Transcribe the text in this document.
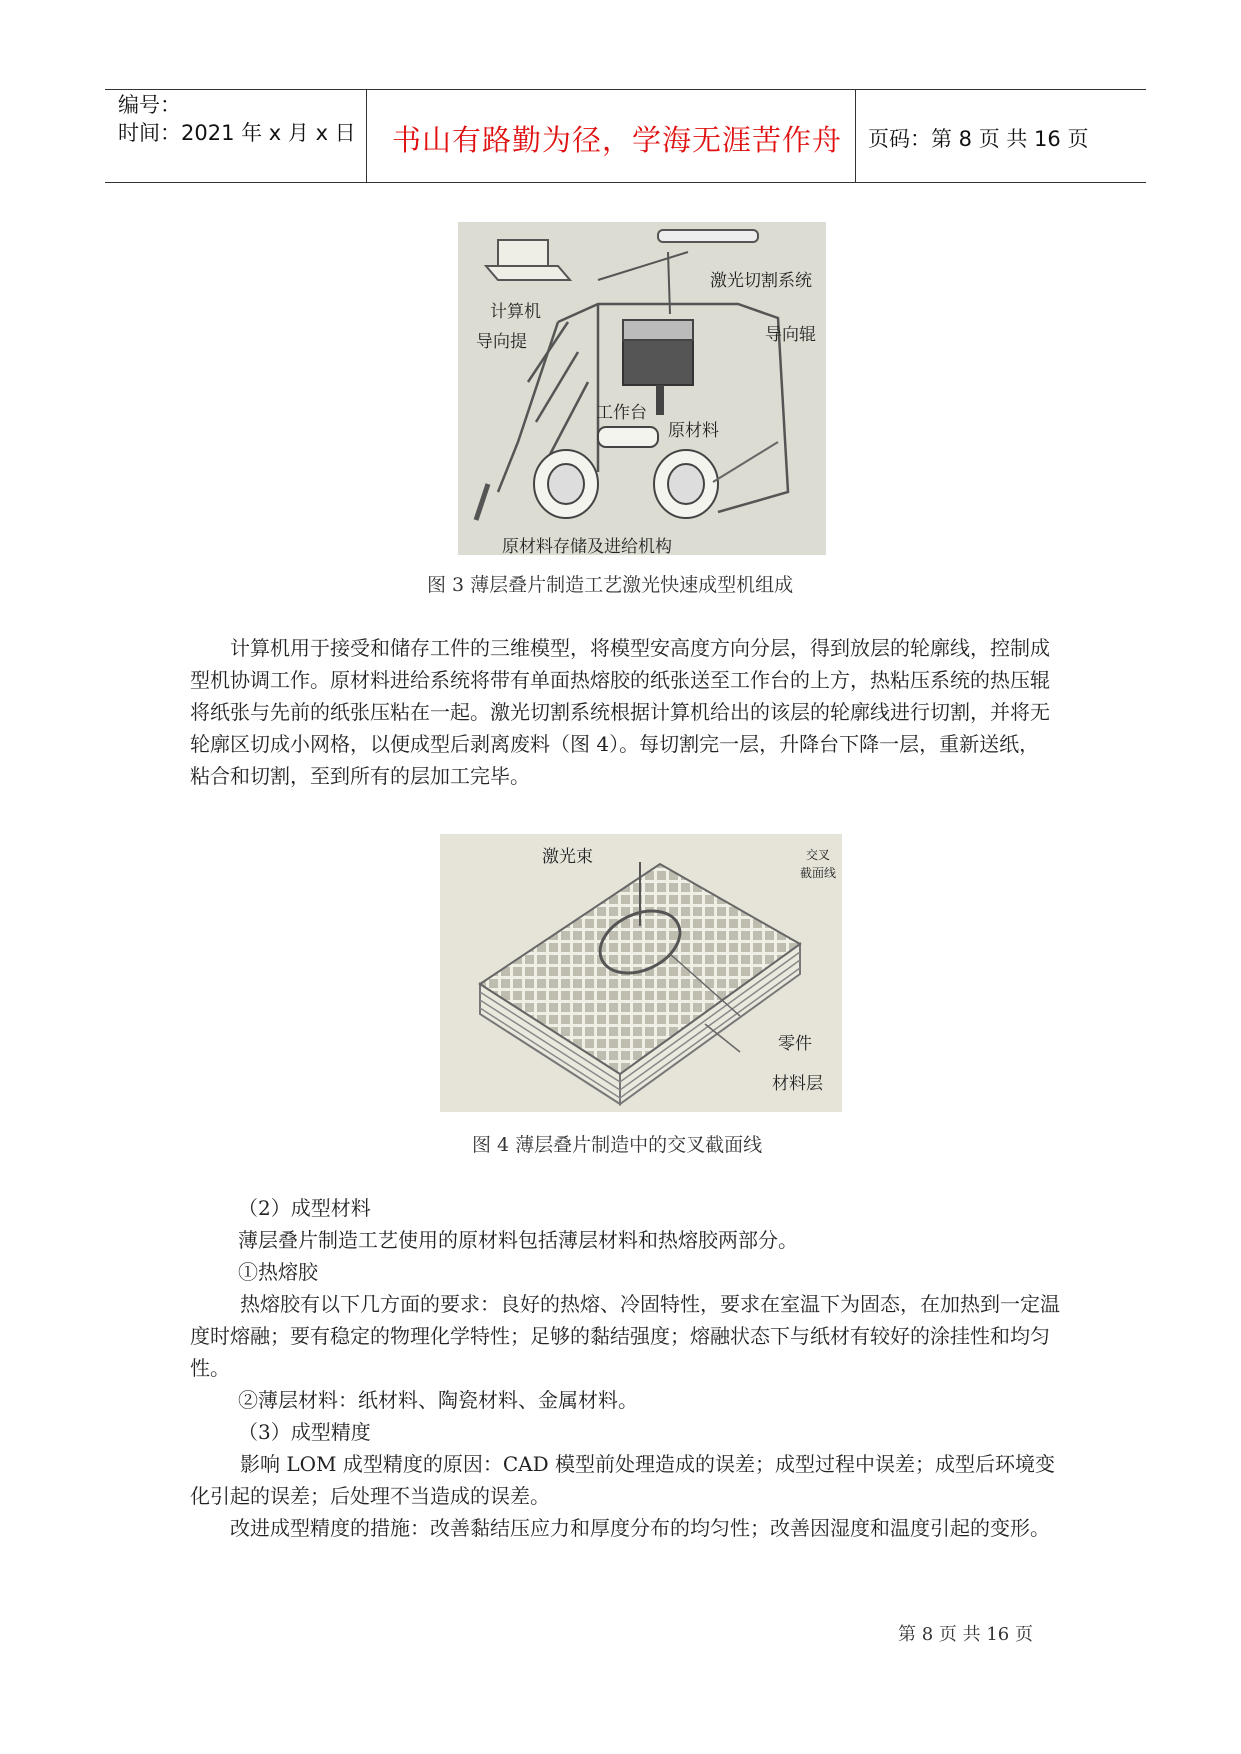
编号：
时间：2021 年 x 月 x 日 书山有路勤为径，学海无涯苦作舟 页码：第 8 页 共 16 页
激光切割系统
计算机
导向提	导向辊
工作台
原材料
原材料存储及进给机构
图 3 薄层叠片制造工艺激光快速成型机组成
计算机用于接受和储存工件的三维模型，将模型安高度方向分层，得到放层的轮廓线，控制成型机协调工作。原材料进给系统将带有单面热熔胶的纸张送至工作台的上方，热粘压系统的热压辊将纸张与先前的纸张压粘在一起。激光切割系统根据计算机给出的该层的轮廓线进行切割，并将无轮廓区切成小网格，以便成型后剥离废料（图 4）。每切割完一层，升降台下降一层，重新送纸，粘合和切割，至到所有的层加工完毕。
激光束	交叉
截面线
零件
材料层
图 4 薄层叠片制造中的交叉截面线
（2）成型材料
薄层叠片制造工艺使用的原材料包括薄层材料和热熔胶两部分。
①热熔胶
热熔胶有以下几方面的要求：良好的热熔、冷固特性，要求在室温下为固态，在加热到一定温度时熔融；要有稳定的物理化学特性；足够的黏结强度；熔融状态下与纸材有较好的涂挂性和均匀性。
②薄层材料：纸材料、陶瓷材料、金属材料。
（3）成型精度
影响 LOM 成型精度的原因：CAD 模型前处理造成的误差；成型过程中误差；成型后环境变化引起的误差；后处理不当造成的误差。
改进成型精度的措施：改善黏结压应力和厚度分布的均匀性；改善因湿度和温度引起的变形。
第 8 页 共 16 页
